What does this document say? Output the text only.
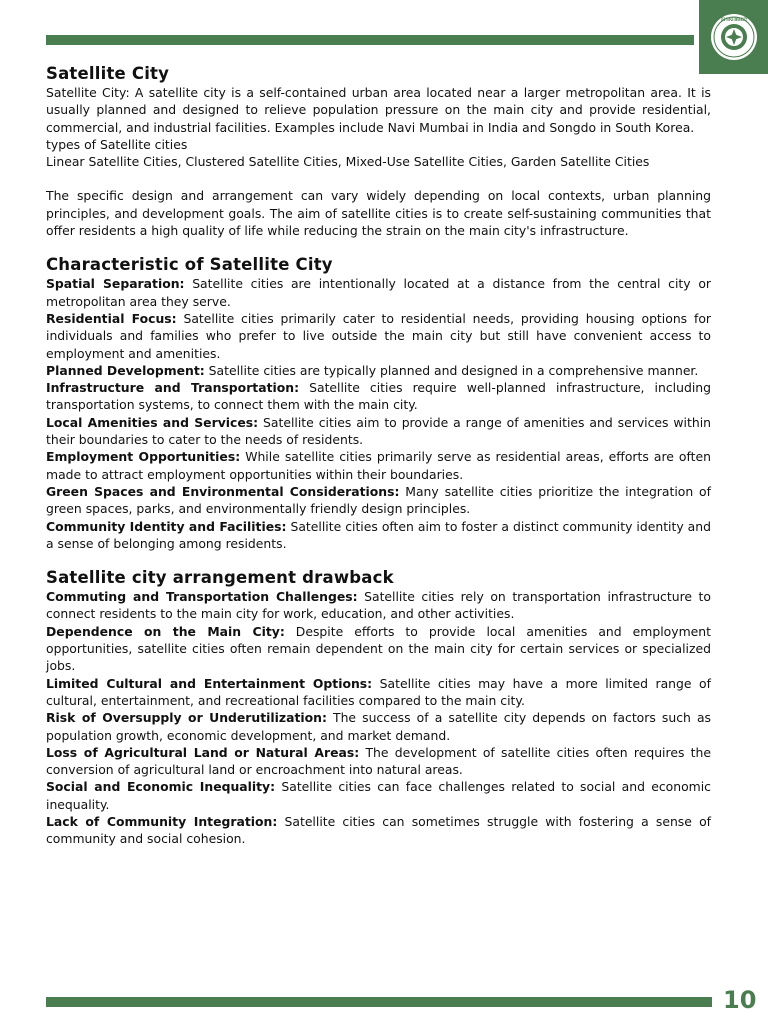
ZED TRIPLE UNIVERSITY
Satellite City

Satellite City: A satellite city is a self-contained urban area located near a larger metropolitan area. It is usually planned and designed to relieve population pressure on the main city and provide residential, commercial, and industrial facilities. Examples include Navi Mumbai in India and Songdo in South Korea.

types of Satellite cities

Linear Satellite Cities, Clustered Satellite Cities, Mixed-Use Satellite Cities, Garden Satellite Cities

The specific design and arrangement can vary widely depending on local contexts, urban planning principles, and development goals. The aim of satellite cities is to create self-sustaining communities that offer residents a high quality of life while reducing the strain on the main city's infrastructure.

Characteristic of Satellite City

Spatial Separation: Satellite cities are intentionally located at a distance from the central city or metropolitan area they serve.

Residential Focus: Satellite cities primarily cater to residential needs, providing housing options for individuals and families who prefer to live outside the main city but still have convenient access to employment and amenities.

Planned Development: Satellite cities are typically planned and designed in a comprehensive manner.

Infrastructure and Transportation: Satellite cities require well-planned infrastructure, including transportation systems, to connect them with the main city.

Local Amenities and Services: Satellite cities aim to provide a range of amenities and services within their boundaries to cater to the needs of residents.

Employment Opportunities: While satellite cities primarily serve as residential areas, efforts are often made to attract employment opportunities within their boundaries.

Green Spaces and Environmental Considerations: Many satellite cities prioritize the integration of green spaces, parks, and environmentally friendly design principles.

Community Identity and Facilities: Satellite cities often aim to foster a distinct community identity and a sense of belonging among residents.

Satellite city arrangement drawback

Commuting and Transportation Challenges: Satellite cities rely on transportation infrastructure to connect residents to the main city for work, education, and other activities.

Dependence on the Main City: Despite efforts to provide local amenities and employment opportunities, satellite cities often remain dependent on the main city for certain services or specialized jobs.

Limited Cultural and Entertainment Options: Satellite cities may have a more limited range of cultural, entertainment, and recreational facilities compared to the main city.

Risk of Oversupply or Underutilization: The success of a satellite city depends on factors such as population growth, economic development, and market demand.

Loss of Agricultural Land or Natural Areas: The development of satellite cities often requires the conversion of agricultural land or encroachment into natural areas.

Social and Economic Inequality: Satellite cities can face challenges related to social and economic inequality.

Lack of Community Integration: Satellite cities can sometimes struggle with fostering a sense of community and social cohesion.

10
